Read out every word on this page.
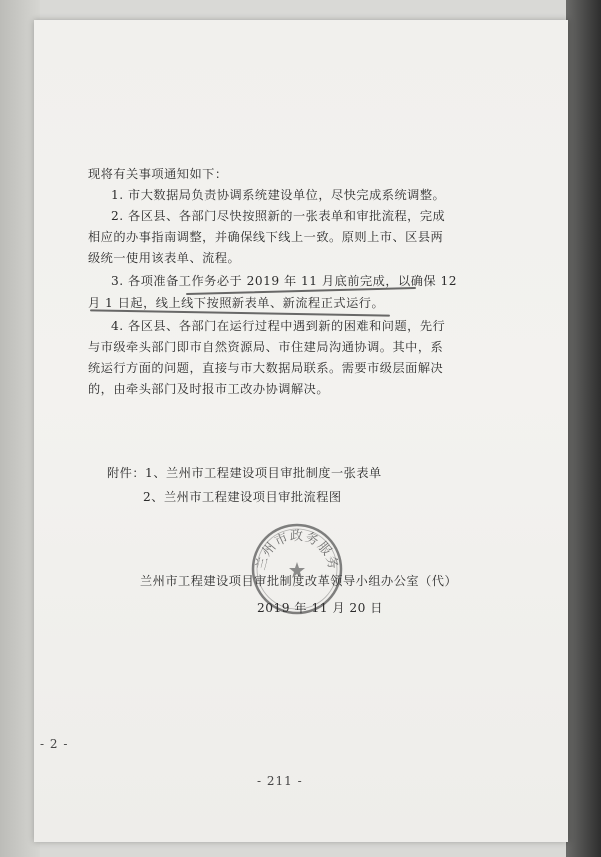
现将有关事项通知如下：
1. 市大数据局负责协调系统建设单位，尽快完成系统调整。
2. 各区县、各部门尽快按照新的一张表单和审批流程，完成
相应的办事指南调整，并确保线下线上一致。原则上市、区县两
级统一使用该表单、流程。
3. 各项准备工作务必于 2019 年 11 月底前完成，以确保 12
月 1 日起，线上线下按照新表单、新流程正式运行。
4. 各区县、各部门在运行过程中遇到新的困难和问题，先行
与市级牵头部门即市自然资源局、市住建局沟通协调。其中，系
统运行方面的问题，直接与市大数据局联系。需要市级层面解决
的，由牵头部门及时报市工改办协调解决。
附件：1、兰州市工程建设项目审批制度一张表单
2、兰州市工程建设项目审批流程图
兰州市政务服务
兰州市工程建设项目审批制度改革领导小组办公室（代）
2019 年 11 月 20 日
- 2 -
- 211 -
